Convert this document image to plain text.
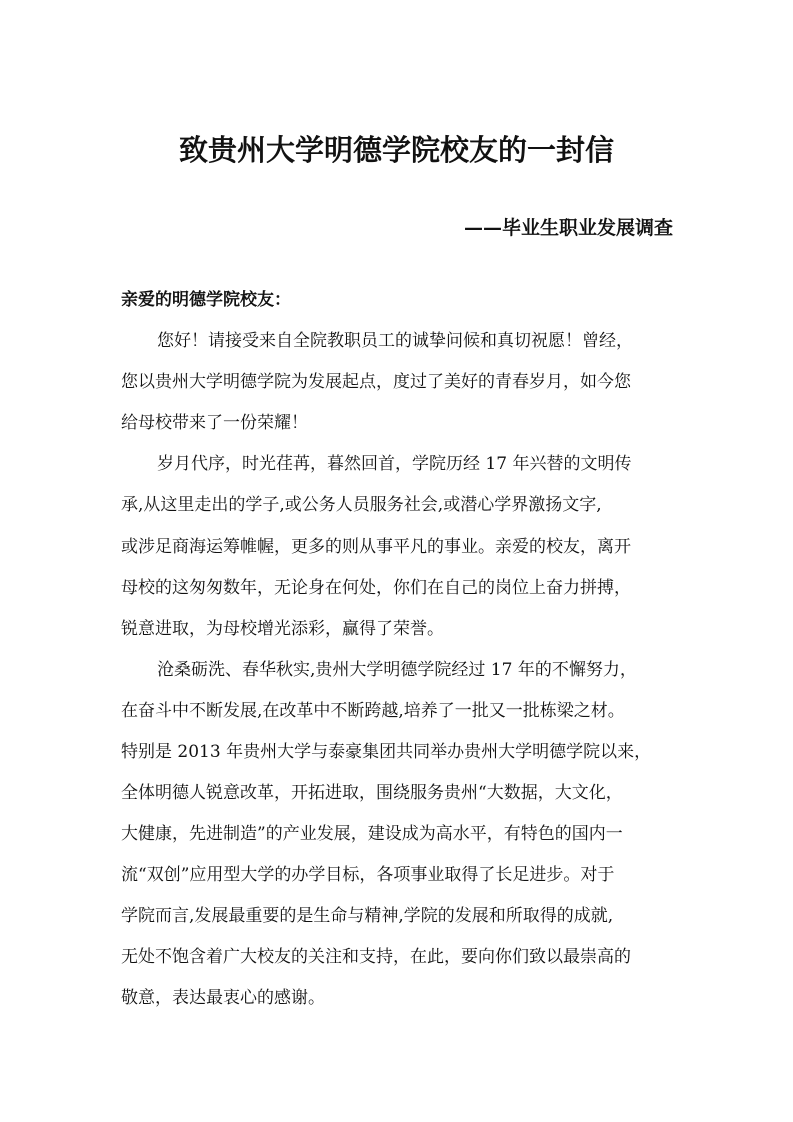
致贵州大学明德学院校友的一封信
——毕业生职业发展调查
亲爱的明德学院校友：
您好！请接受来自全院教职员工的诚挚问候和真切祝愿！曾经，
您以贵州大学明德学院为发展起点，度过了美好的青春岁月，如今您
给母校带来了一份荣耀！
岁月代序，时光荏苒，暮然回首，学院历经 17 年兴替的文明传
承,从这里走出的学子,或公务人员服务社会,或潜心学界激扬文字,
或涉足商海运筹帷幄，更多的则从事平凡的事业。亲爱的校友，离开
母校的这匆匆数年，无论身在何处，你们在自己的岗位上奋力拼搏，
锐意进取，为母校增光添彩，赢得了荣誉。
沧桑砺洗、春华秋实,贵州大学明德学院经过 17 年的不懈努力，
在奋斗中不断发展,在改革中不断跨越,培养了一批又一批栋梁之材。
特别是 2013 年贵州大学与泰豪集团共同举办贵州大学明德学院以来，
全体明德人锐意改革，开拓进取，围绕服务贵州“大数据，大文化，
大健康，先进制造”的产业发展，建设成为高水平，有特色的国内一
流“双创”应用型大学的办学目标，各项事业取得了长足进步。对于
学院而言,发展最重要的是生命与精神,学院的发展和所取得的成就,
无处不饱含着广大校友的关注和支持，在此，要向你们致以最崇高的
敬意，表达最衷心的感谢。
